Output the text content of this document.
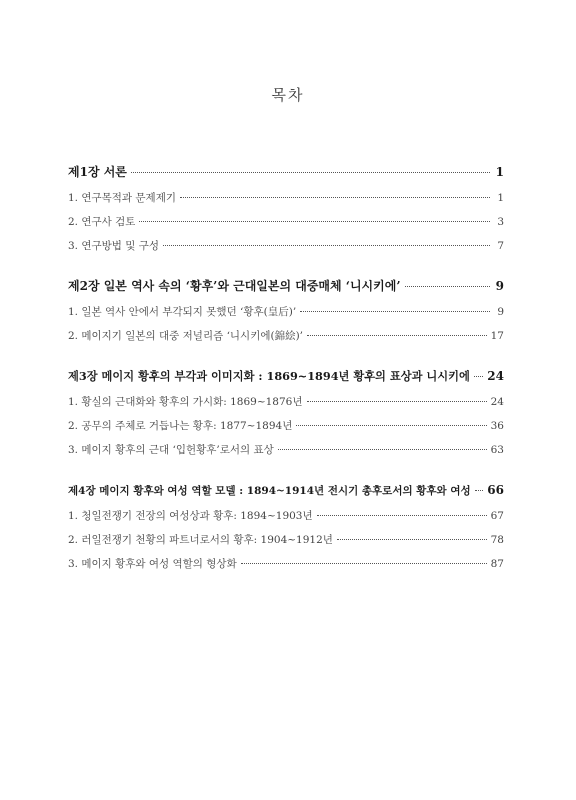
목차
제1장 서론	1
1. 연구목적과 문제제기	1
2. 연구사 검토	3
3. 연구방법 및 구성	7
제2장 일본 역사 속의 ‘황후’와 근대일본의 대중매체 ‘니시키에’	9
1. 일본 역사 안에서 부각되지 못했던 ‘황후(皇后)’	9
2. 메이지기 일본의 대중 저널리즘 ‘니시키에(錦絵)’	17
제3장 메이지 황후의 부각과 이미지화 : 1869~1894년 황후의 표상과 니시키에 24
1. 황실의 근대화와 황후의 가시화: 1869~1876년	24
2. 공무의 주체로 거듭나는 황후: 1877~1894년	36
3. 메이지 황후의 근대 ‘입헌황후’로서의 표상	63
제4장 메이지 황후와 여성 역할 모델 : 1894~1914년 전시기 총후로서의 황후와 여성 66
1. 청일전쟁기 전장의 여성상과 황후: 1894~1903년	67
2. 러일전쟁기 천황의 파트너로서의 황후: 1904~1912년	78
3. 메이지 황후와 여성 역할의 형상화	87
